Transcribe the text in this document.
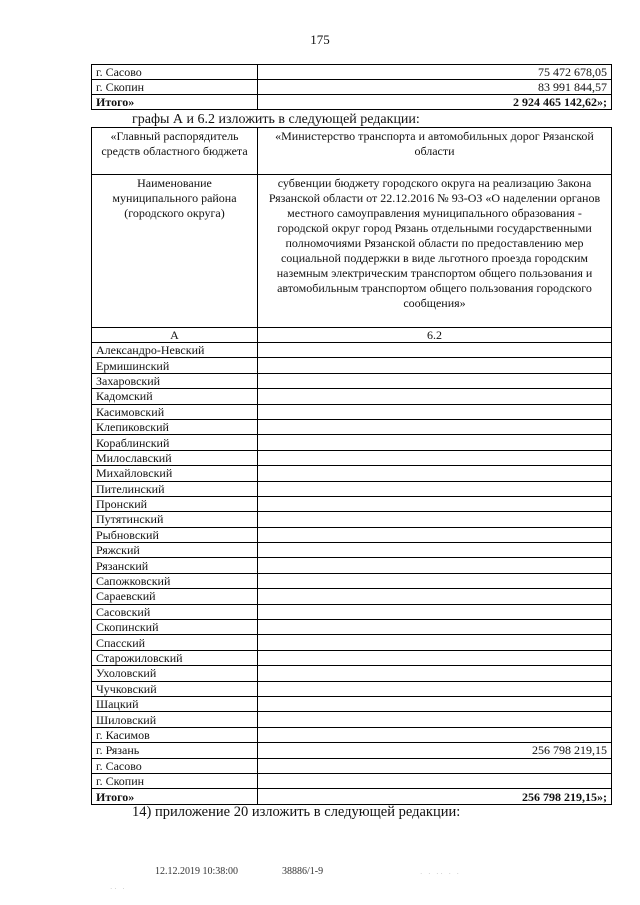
175
г. Сасово	75 472 678,05
г. Скопин	83 991 844,57
Итого»	2 924 465 142,62»;
графы А и 6.2 изложить в следующей редакции:
«Главный распорядитель средств областного бюджета	«Министерство транспорта и автомобильных дорог Рязанской области
Наименование муниципального района (городского округа)	субвенции бюджету городского округа на реализацию Закона Рязанской области от 22.12.2016 № 93-ОЗ «О наделении органов местного самоуправления муниципального образования - городской округ город Рязань отдельными государственными полномочиями Рязанской области по предоставлению мер социальной поддержки в виде льготного проезда городским наземным электрическим транспортом общего пользования и автомобильным транспортом общего пользования городского сообщения»
А	6.2
Александро-Невский	
Ермишинский	
Захаровский	
Кадомский	
Касимовский	
Клепиковский	
Кораблинский	
Милославский	
Михайловский	
Пителинский	
Пронский	
Путятинский	
Рыбновский	
Ряжский	
Рязанский	
Сапожковский	
Сараевский	
Сасовский	
Скопинский	
Спасский	
Старожиловский	
Ухоловский	
Чучковский	
Шацкий	
Шиловский	
г. Касимов	
г. Рязань	256 798 219,15
г. Сасово	
г. Скопин	
Итого»	256 798 219,15»;
14) приложение 20 изложить в следующей редакции:
12.12.2019 10:38:00	38886/1-9	· · ·· · ·
·· ·
